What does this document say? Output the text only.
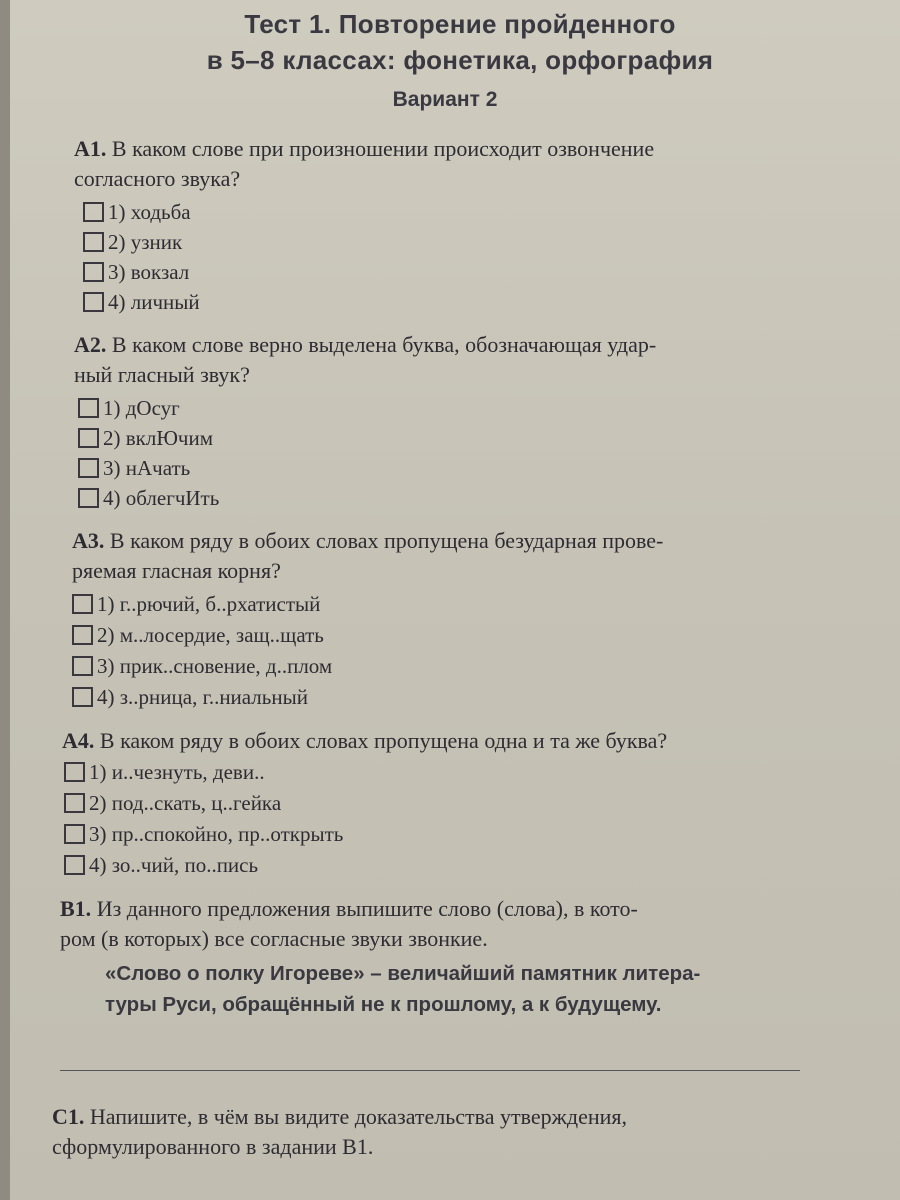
Тест 1. Повторение пройденного
в 5–8 классах: фонетика, орфография
Вариант 2
А1. В каком слове при произношении происходит озвончение
согласного звука?
1) ходьба
2) узник
3) вокзал
4) личный
А2. В каком слове верно выделена буква, обозначающая удар-
ный гласный звук?
1) дОсуг
2) вклЮчим
3) нАчать
4) облегчИть
А3. В каком ряду в обоих словах пропущена безударная прове-
ряемая гласная корня?
1) г..рючий, б..рхатистый
2) м..лосердие, защ..щать
3) прик..сновение, д..плом
4) з..рница, г..ниальный
А4. В каком ряду в обоих словах пропущена одна и та же буква?
1) и..чезнуть, деви..
2) под..скать, ц..гейка
3) пр..спокойно, пр..открыть
4) зо..чий, по..пись
В1. Из данного предложения выпишите слово (слова), в кото-
ром (в которых) все согласные звуки звонкие.
«Слово о полку Игореве» – величайший памятник литера-
туры Руси, обращённый не к прошлому, а к будущему.
С1. Напишите, в чём вы видите доказательства утверждения,
сформулированного в задании В1.
